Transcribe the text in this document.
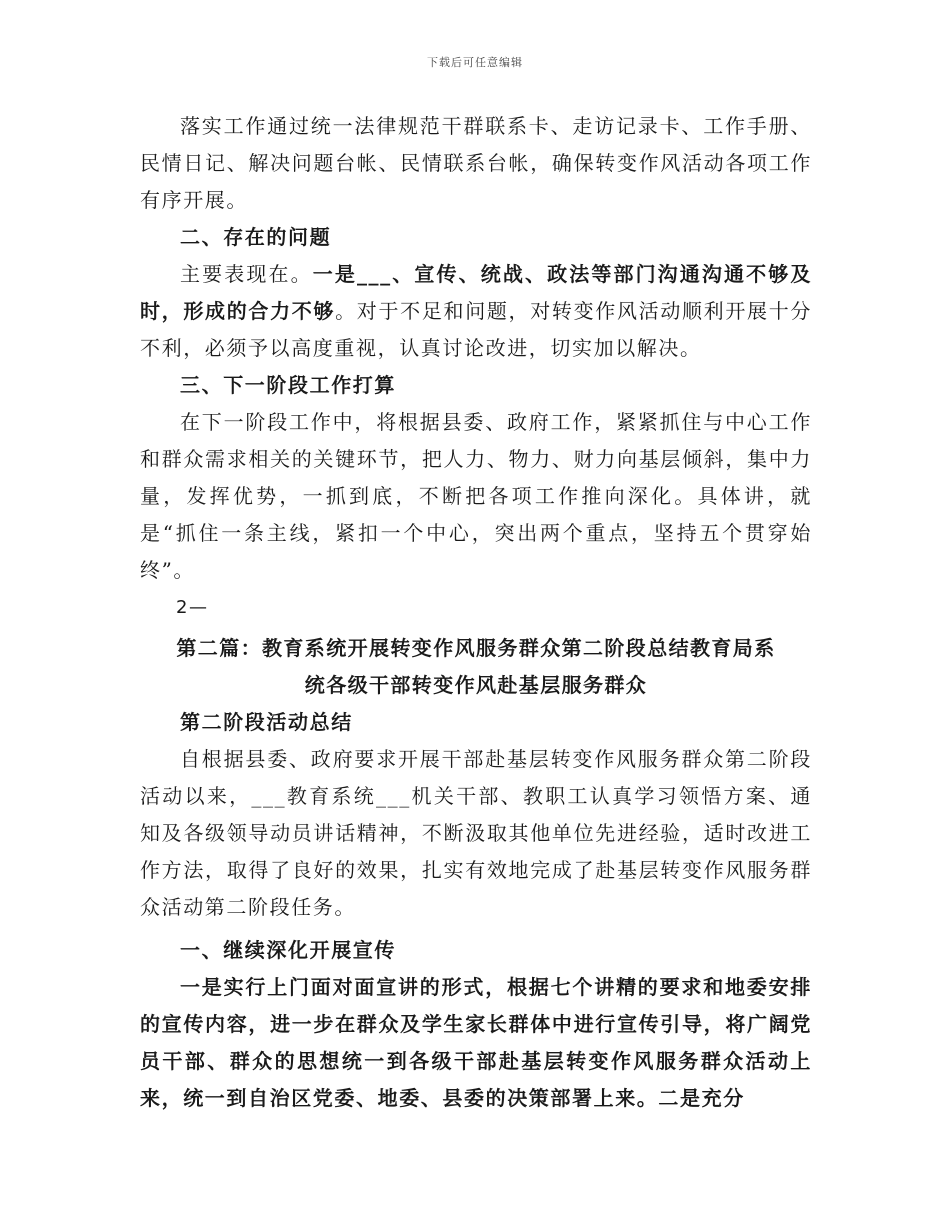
下载后可任意编辑

落实工作通过统一法律规范干群联系卡、走访记录卡、工作手册、民情日记、解决问题台帐、民情联系台帐，确保转变作风活动各项工作有序开展。

二、存在的问题

主要表现在。一是___、宣传、统战、政法等部门沟通沟通不够及时，形成的合力不够。对于不足和问题，对转变作风活动顺利开展十分不利，必须予以高度重视，认真讨论改进，切实加以解决。

三、下一阶段工作打算

在下一阶段工作中，将根据县委、政府工作，紧紧抓住与中心工作和群众需求相关的关键环节，把人力、物力、财力向基层倾斜，集中力量，发挥优势，一抓到底，不断把各项工作推向深化。具体讲，就是“抓住一条主线，紧扣一个中心，突出两个重点，坚持五个贯穿始终”。

2—

第二篇：教育系统开展转变作风服务群众第二阶段总结教育局系

统各级干部转变作风赴基层服务群众

第二阶段活动总结

自根据县委、政府要求开展干部赴基层转变作风服务群众第二阶段活动以来，___教育系统___机关干部、教职工认真学习领悟方案、通知及各级领导动员讲话精神，不断汲取其他单位先进经验，适时改进工作方法，取得了良好的效果，扎实有效地完成了赴基层转变作风服务群众活动第二阶段任务。

一、继续深化开展宣传

一是实行上门面对面宣讲的形式，根据七个讲精的要求和地委安排的宣传内容，进一步在群众及学生家长群体中进行宣传引导，将广阔党员干部、群众的思想统一到各级干部赴基层转变作风服务群众活动上来，统一到自治区党委、地委、县委的决策部署上来。二是充分
